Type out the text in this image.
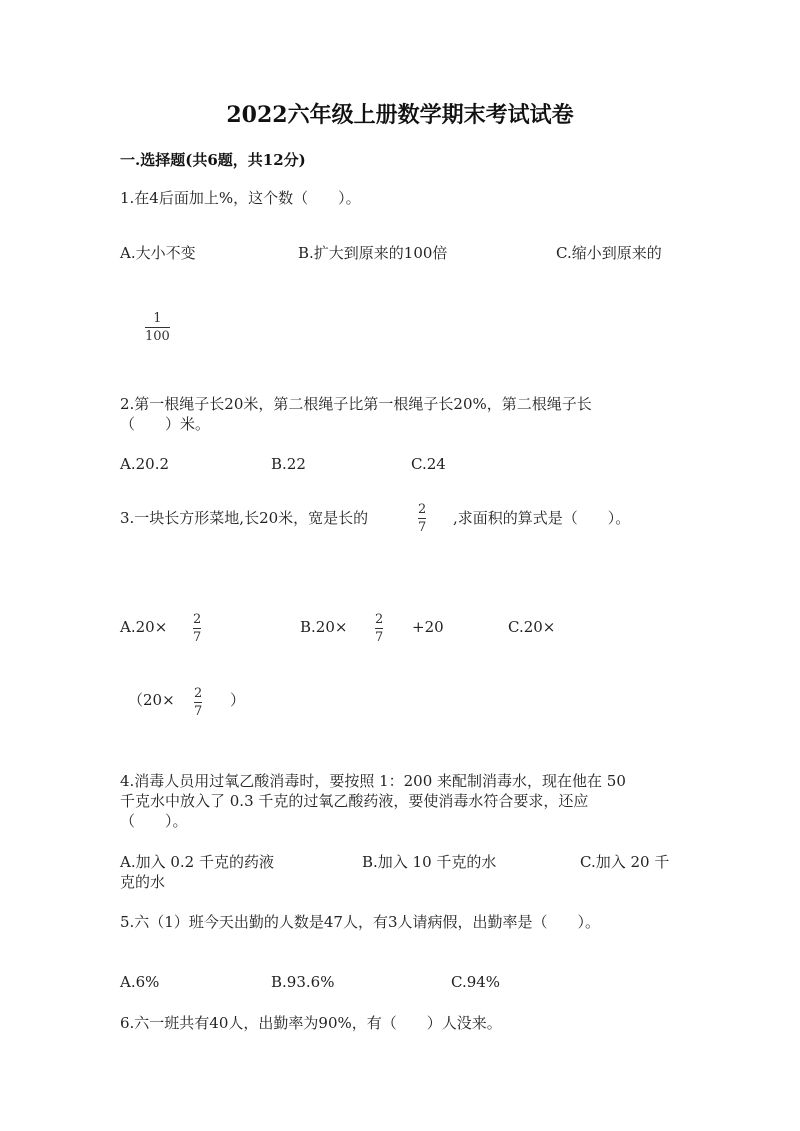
2022六年级上册数学期末考试试卷
一.选择题(共6题，共12分)
1.在4后面加上%，这个数（　　）。
A.大小不变	B.扩大到原来的100倍	C.缩小到原来的
1
100
2.第一根绳子长20米，第二根绳子比第一根绳子长20%，第二根绳子长
（　　）米。
A.20.2	B.22	C.24
3.一块长方形菜地,长20米，宽是长的	2
7
,求面积的算式是（　　）。
A.20× 2
7
B.20× 2
7
+20	C.20×
（20× 2
7
）
4.消毒人员用过氧乙酸消毒时，要按照 1：200 来配制消毒水，现在他在 50
千克水中放入了 0.3 千克的过氧乙酸药液，要使消毒水符合要求，还应
（　　）。
A.加入 0.2 千克的药液	B.加入 10 千克的水	C.加入 20 千
克的水
5.六（1）班今天出勤的人数是47人，有3人请病假，出勤率是（　　）。
A.6%	B.93.6%	C.94%
6.六一班共有40人，出勤率为90%，有（　　）人没来。
